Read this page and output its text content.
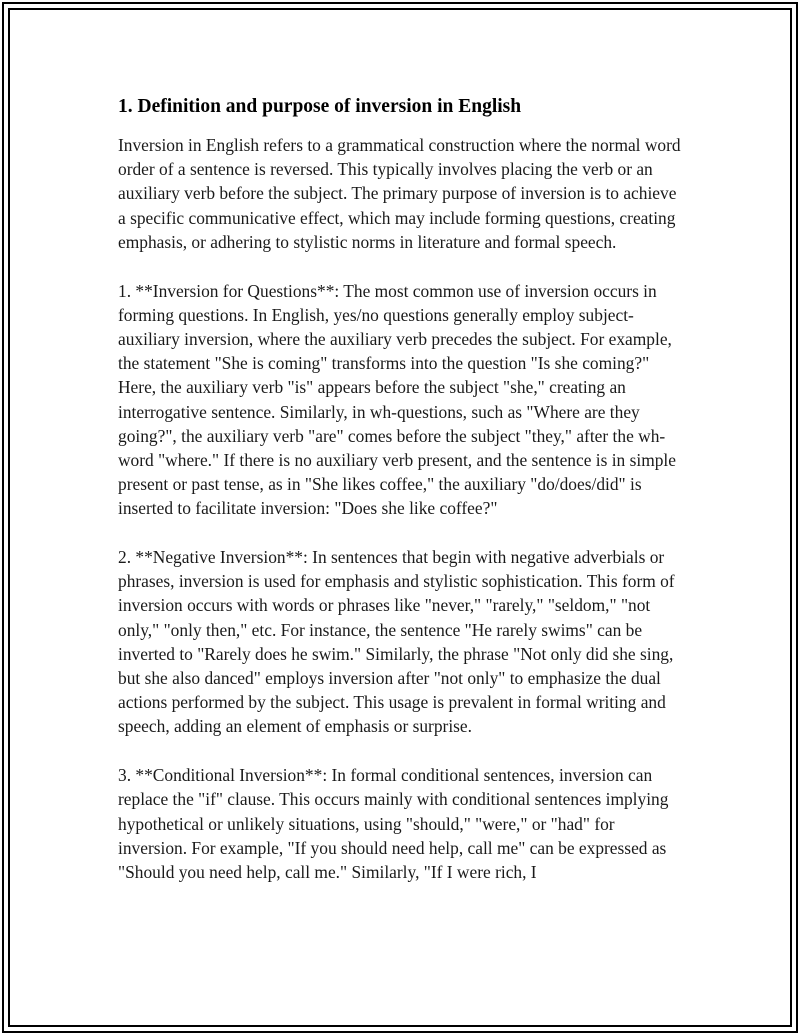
1. Definition and purpose of inversion in English

Inversion in English refers to a grammatical construction where the normal word order of a sentence is reversed. This typically involves placing the verb or an auxiliary verb before the subject. The primary purpose of inversion is to achieve a specific communicative effect, which may include forming questions, creating emphasis, or adhering to stylistic norms in literature and formal speech.

1. **Inversion for Questions**: The most common use of inversion occurs in forming questions. In English, yes/no questions generally employ subject-auxiliary inversion, where the auxiliary verb precedes the subject. For example, the statement "She is coming" transforms into the question "Is she coming?" Here, the auxiliary verb "is" appears before the subject "she," creating an interrogative sentence. Similarly, in wh-questions, such as "Where are they going?", the auxiliary verb "are" comes before the subject "they," after the wh-word "where." If there is no auxiliary verb present, and the sentence is in simple present or past tense, as in "She likes coffee," the auxiliary "do/does/did" is inserted to facilitate inversion: "Does she like coffee?"

2. **Negative Inversion**: In sentences that begin with negative adverbials or phrases, inversion is used for emphasis and stylistic sophistication. This form of inversion occurs with words or phrases like "never," "rarely," "seldom," "not only," "only then," etc. For instance, the sentence "He rarely swims" can be inverted to "Rarely does he swim." Similarly, the phrase "Not only did she sing, but she also danced" employs inversion after "not only" to emphasize the dual actions performed by the subject. This usage is prevalent in formal writing and speech, adding an element of emphasis or surprise.

3. **Conditional Inversion**: In formal conditional sentences, inversion can replace the "if" clause. This occurs mainly with conditional sentences implying hypothetical or unlikely situations, using "should," "were," or "had" for inversion. For example, "If you should need help, call me" can be expressed as "Should you need help, call me." Similarly, "If I were rich, I
